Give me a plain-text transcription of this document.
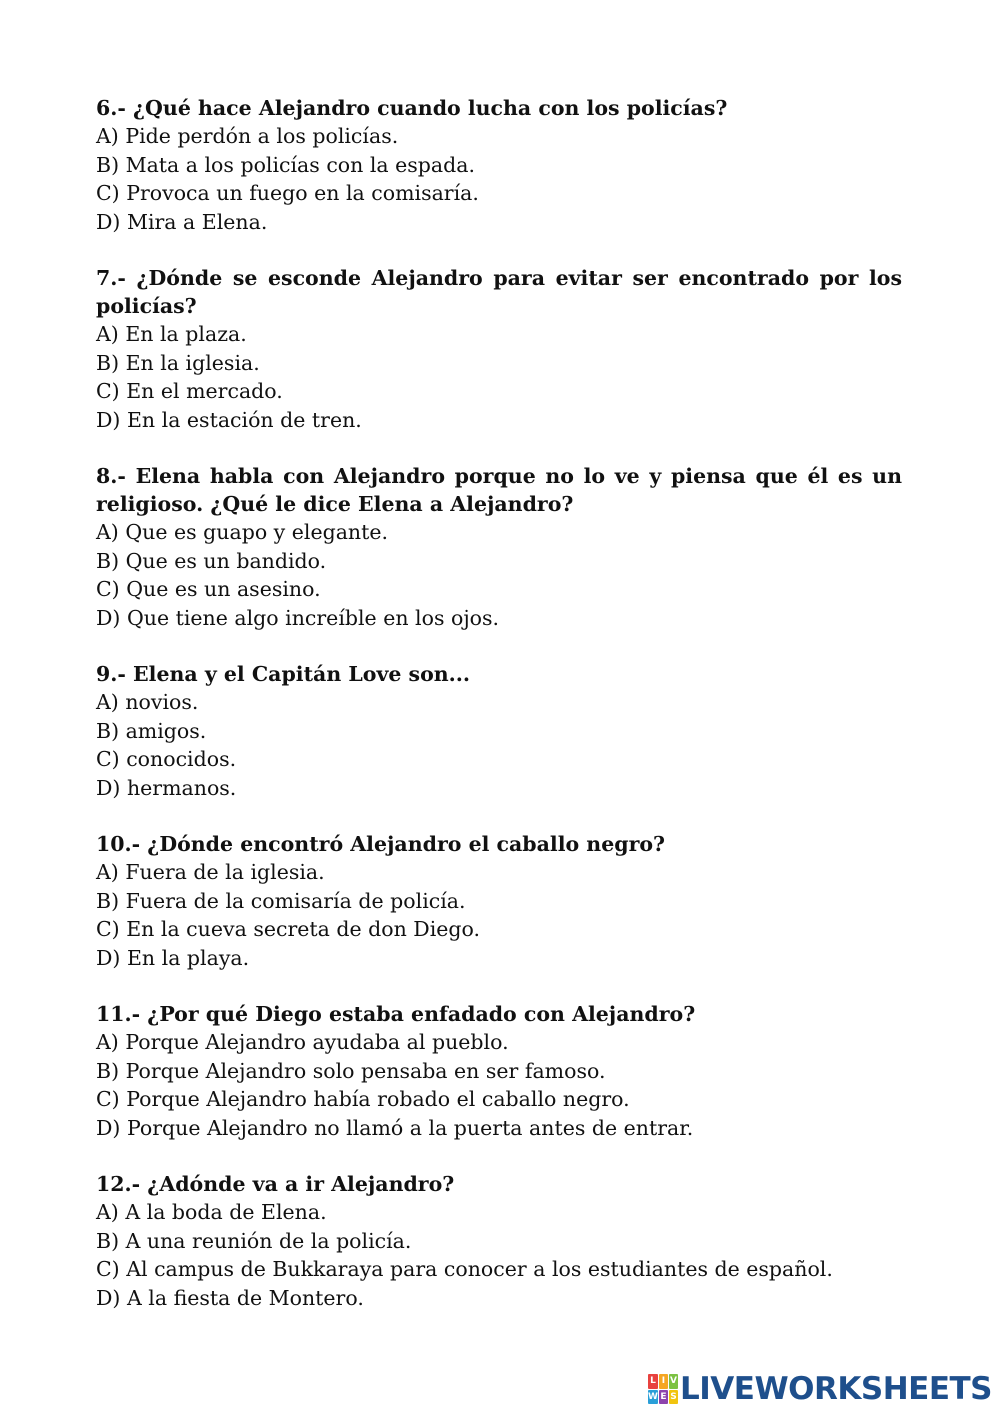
6.- ¿Qué hace Alejandro cuando lucha con los policías?

A) Pide perdón a los policías.

B) Mata a los policías con la espada.

C) Provoca un fuego en la comisaría.

D) Mira a Elena.

7.- ¿Dónde se esconde Alejandro para evitar ser encontrado por los policías?

A) En la plaza.

B) En la iglesia.

C) En el mercado.

D) En la estación de tren.

8.- Elena habla con Alejandro porque no lo ve y piensa que él es un religioso. ¿Qué le dice Elena a Alejandro?

A) Que es guapo y elegante.

B) Que es un bandido.

C) Que es un asesino.

D) Que tiene algo increíble en los ojos.

9.- Elena y el Capitán Love son...

A) novios.

B) amigos.

C) conocidos.

D) hermanos.

10.- ¿Dónde encontró Alejandro el caballo negro?

A) Fuera de la iglesia.

B) Fuera de la comisaría de policía.

C) En la cueva secreta de don Diego.

D) En la playa.

11.- ¿Por qué Diego estaba enfadado con Alejandro?

A) Porque Alejandro ayudaba al pueblo.

B) Porque Alejandro solo pensaba en ser famoso.

C) Porque Alejandro había robado el caballo negro.

D) Porque Alejandro no llamó a la puerta antes de entrar.

12.- ¿Adónde va a ir Alejandro?

A) A la boda de Elena.

B) A una reunión de la policía.

C) Al campus de Bukkaraya para conocer a los estudiantes de español.

D) A la fiesta de Montero.

L I V
W E S LIVEWORKSHEETS
